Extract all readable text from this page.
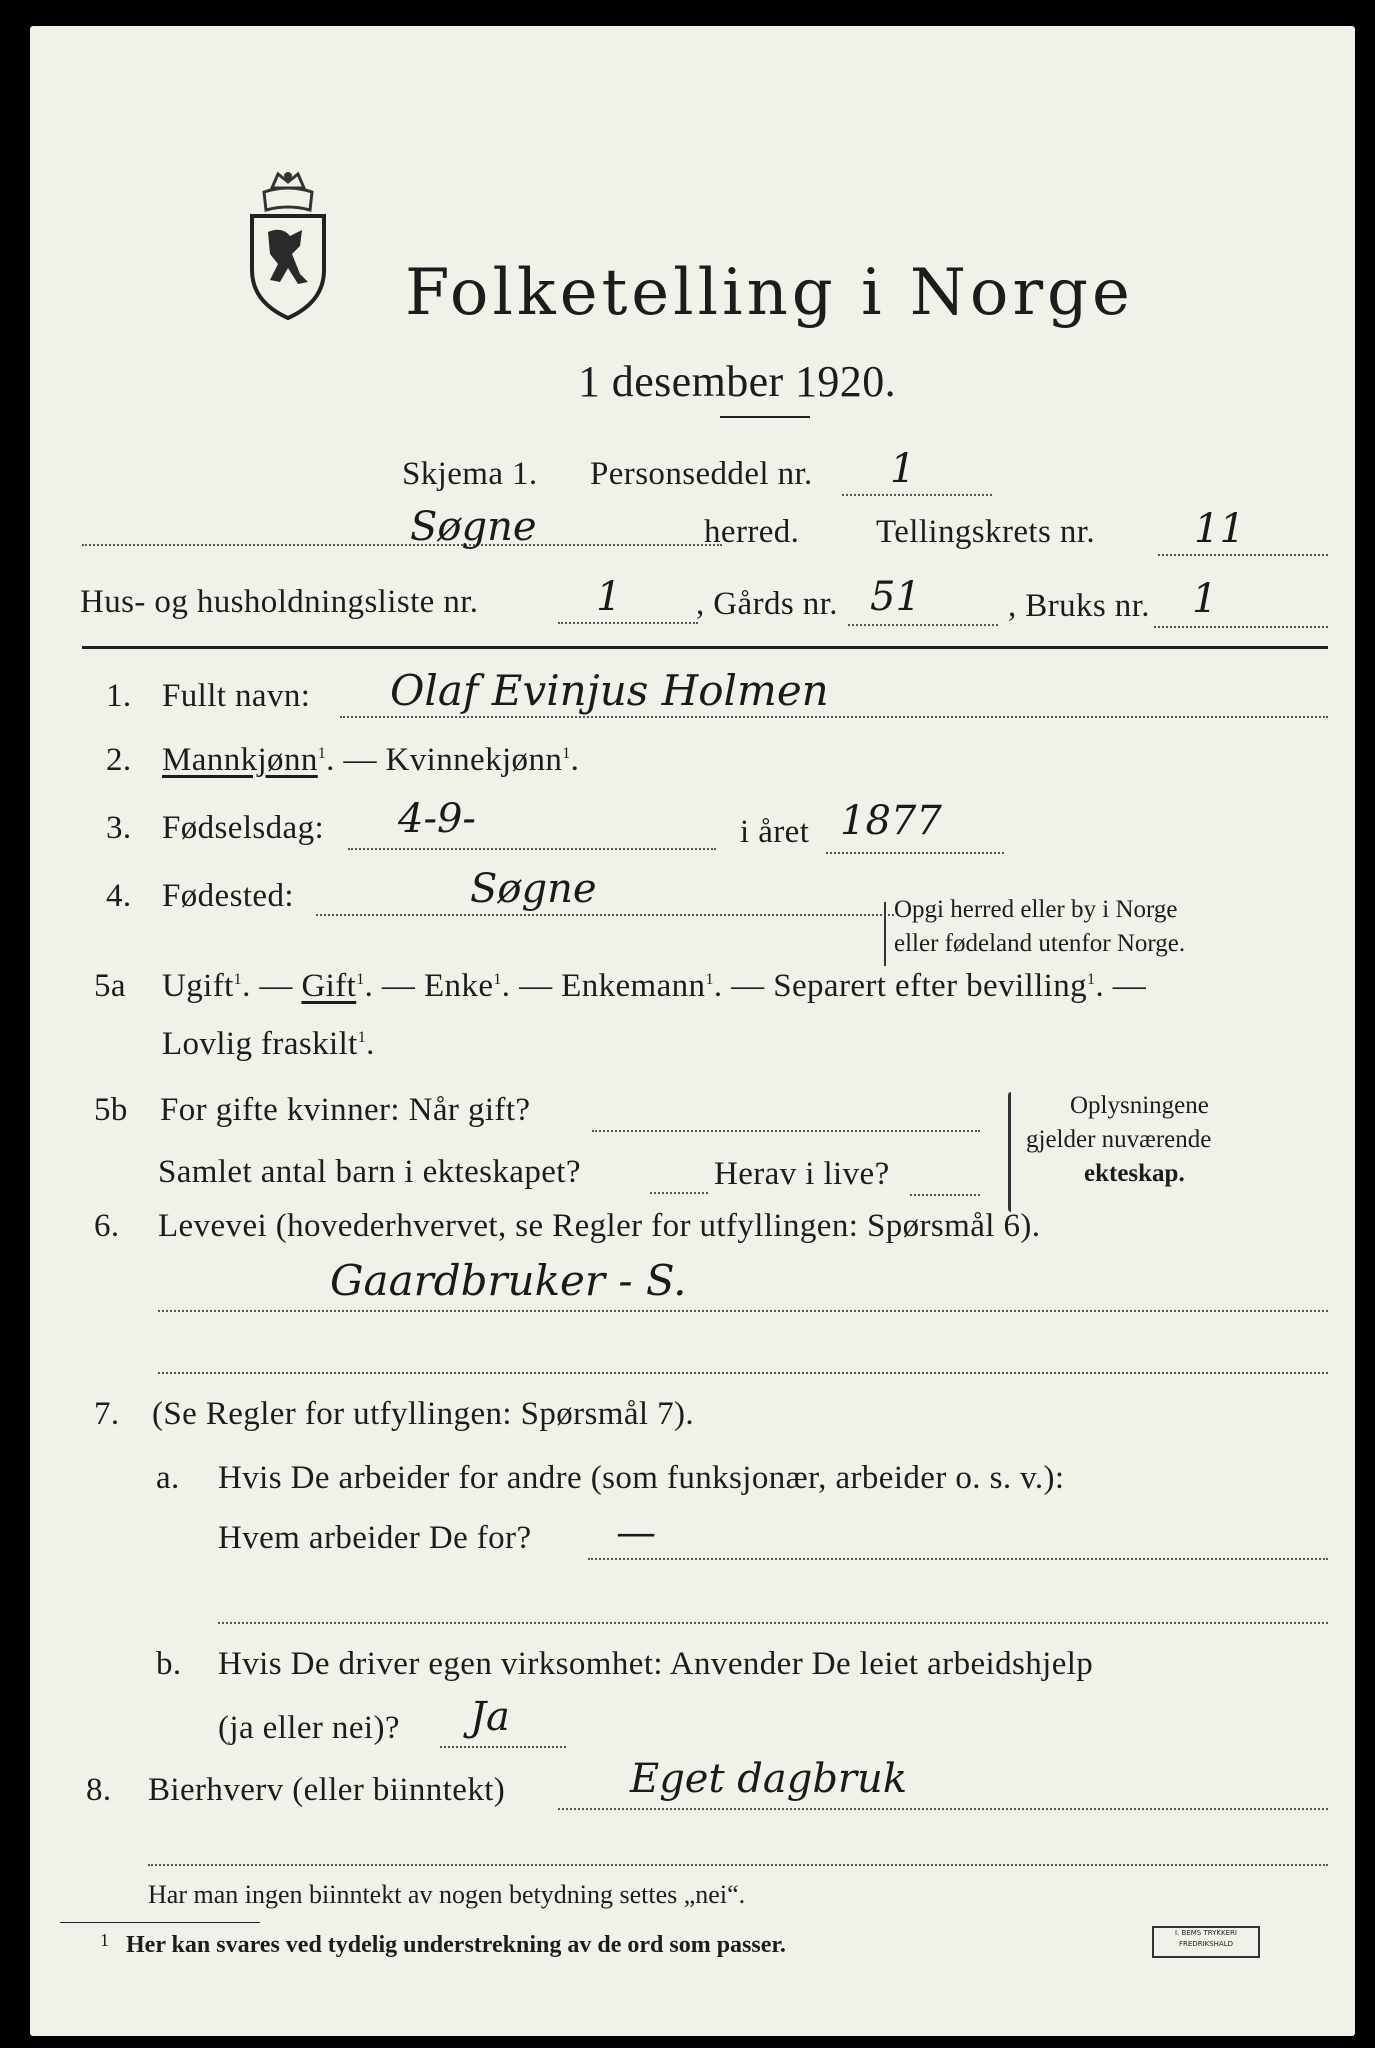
Folketelling i Norge
1 desember 1920.
Skjema 1. Personseddel nr. 1
Søgne	herred. Tellingskrets nr. 11
Hus- og husholdningsliste nr.	1 , Gårds nr. 51	, Bruks nr. 1
1. Fullt navn: Olaf Evinjus Holmen
2. Mannkjønn$^1$. — Kvinnekjønn$^1$.
3. Fødselsdag: 4-9-	i året 1877
4. Fødested:	Søgne	Opgi herred eller by i Norge
eller fødeland utenfor Norge.
5a Ugift$^1$. — Gift$^1$. — Enke$^1$. — Enkemann$^1$. — Separert efter bevilling$^1$. —
Lovlig fraskilt$^1$.
5b For gifte kvinner: Når gift?
Samlet antal barn i ekteskapet?	Herav i live?
Oplysningene
gjelder nuværende
ekteskap.
6. Levevei (hovederhvervet, se Regler for utfyllingen: Spørsmål 6).
Gaardbruker - S.
7. (Se Regler for utfyllingen: Spørsmål 7).
a. Hvis De arbeider for andre (som funksjonær, arbeider o. s. v.):
Hvem arbeider De for? —
b. Hvis De driver egen virksomhet: Anvender De leiet arbeidshjelp
(ja eller nei)? Ja
8. Bierhverv (eller biinntekt)	Eget dagbruk
Har man ingen biinntekt av nogen betydning settes „nei“.
1 Her kan svares ved tydelig understrekning av de ord som passer.	I. BEMS TRYKKERI
FREDRIKSHALD
